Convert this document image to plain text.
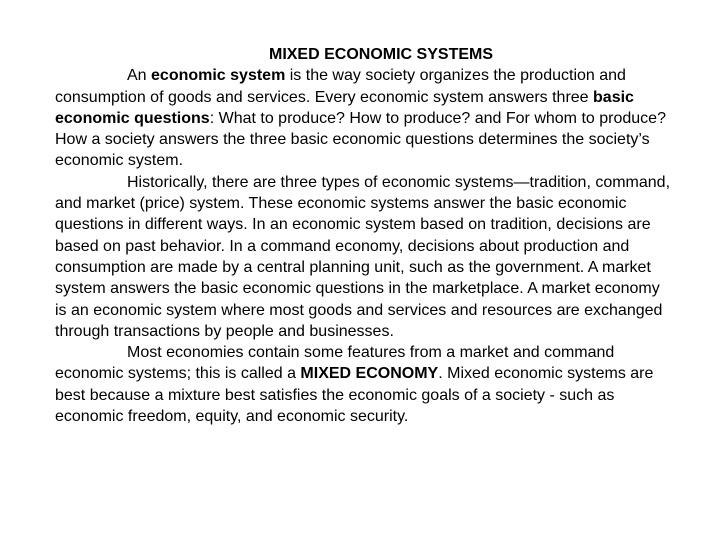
MIXED ECONOMIC SYSTEMS

An economic system is the way society organizes the production and consumption of goods and services. Every economic system answers three basic economic questions: What to produce? How to produce? and For whom to produce? How a society answers the three basic economic questions determines the society’s economic system.

Historically, there are three types of economic systems—tradition, command, and market (price) system. These economic systems answer the basic economic questions in different ways. In an economic system based on tradition, decisions are based on past behavior. In a command economy, decisions about production and consumption are made by a central planning unit, such as the government. A market system answers the basic economic questions in the marketplace. A market economy is an economic system where most goods and services and resources are exchanged through transactions by people and businesses.

Most economies contain some features from a market and command economic systems; this is called a MIXED ECONOMY. Mixed economic systems are best because a mixture best satisfies the economic goals of a society - such as economic freedom, equity, and economic security.
